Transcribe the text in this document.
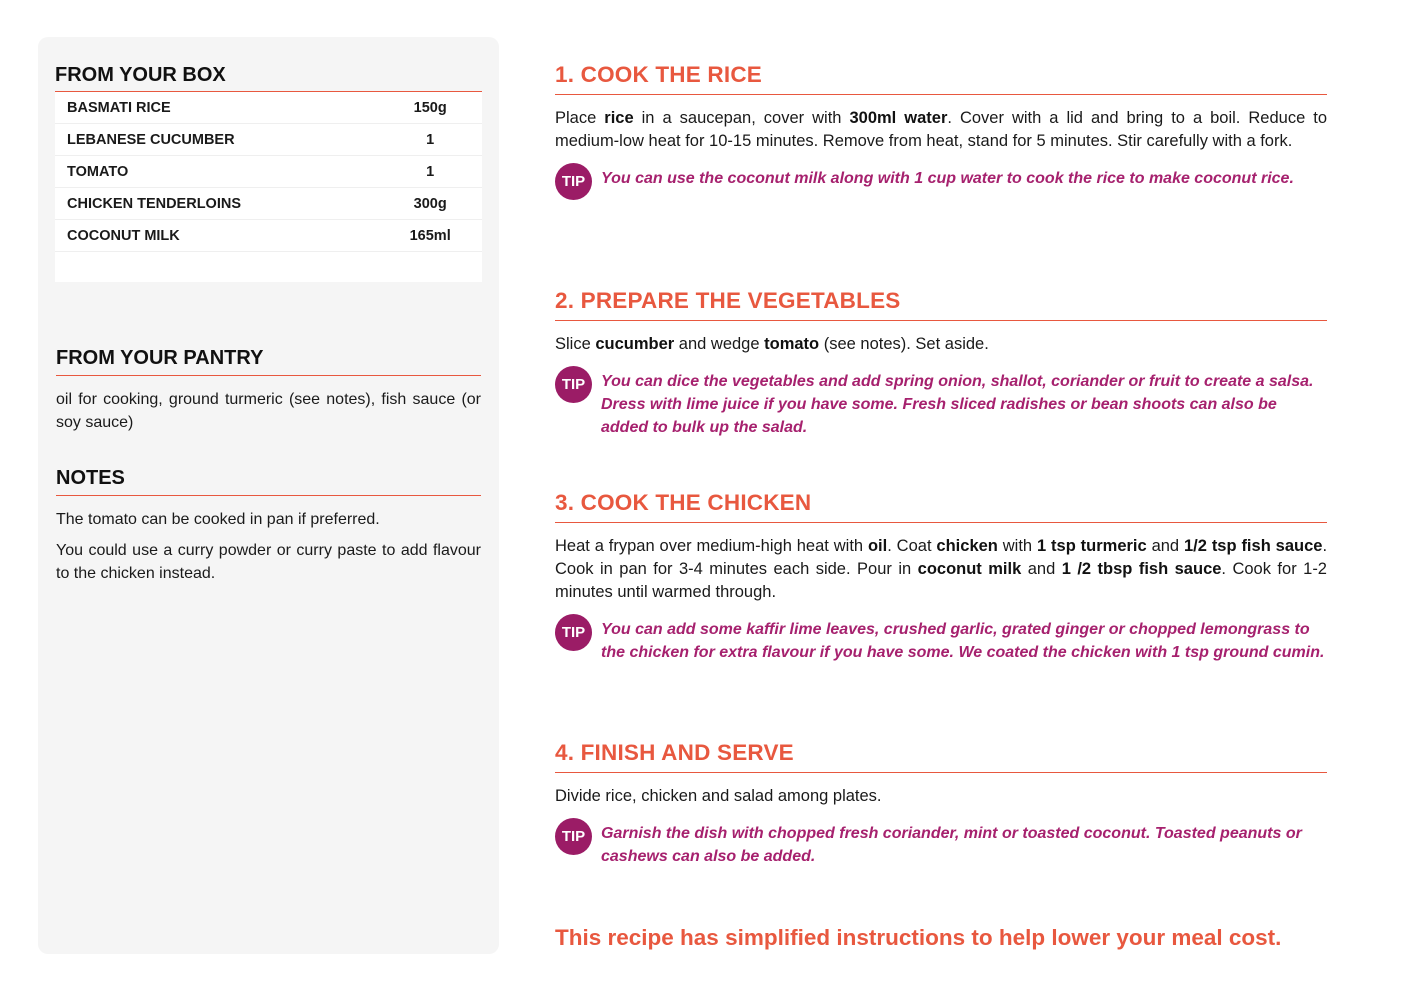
FROM YOUR BOX
BASMATI RICE	150g
LEBANESE CUCUMBER	1
TOMATO	1
CHICKEN TENDERLOINS	300g
COCONUT MILK	165ml

FROM YOUR PANTRY

oil for cooking, ground turmeric (see notes), fish sauce (or soy sauce)

NOTES

The tomato can be cooked in pan if preferred.

You could use a curry powder or curry paste to add flavour to the chicken instead.

1. COOK THE RICE

Place rice in a saucepan, cover with 300ml water. Cover with a lid and bring to a boil. Reduce to medium-low heat for 10-15 minutes. Remove from heat, stand for 5 minutes. Stir carefully with a fork.

TIP You can use the coconut milk along with 1 cup water to cook the rice to make coconut rice.

2. PREPARE THE VEGETABLES

Slice cucumber and wedge tomato (see notes). Set aside.

TIP You can dice the vegetables and add spring onion, shallot, coriander or fruit to create a salsa. Dress with lime juice if you have some. Fresh sliced radishes or bean shoots can also be added to bulk up the salad.

3. COOK THE CHICKEN

Heat a frypan over medium-high heat with oil. Coat chicken with 1 tsp turmeric and 1/2 tsp fish sauce. Cook in pan for 3-4 minutes each side. Pour in coconut milk and 1 /2 tbsp fish sauce. Cook for 1-2 minutes until warmed through.

TIP You can add some kaffir lime leaves, crushed garlic, grated ginger or chopped lemongrass to the chicken for extra flavour if you have some. We coated the chicken with 1 tsp ground cumin.

4. FINISH AND SERVE

Divide rice, chicken and salad among plates.

TIP Garnish the dish with chopped fresh coriander, mint or toasted coconut. Toasted peanuts or cashews can also be added.

This recipe has simplified instructions to help lower your meal cost.
